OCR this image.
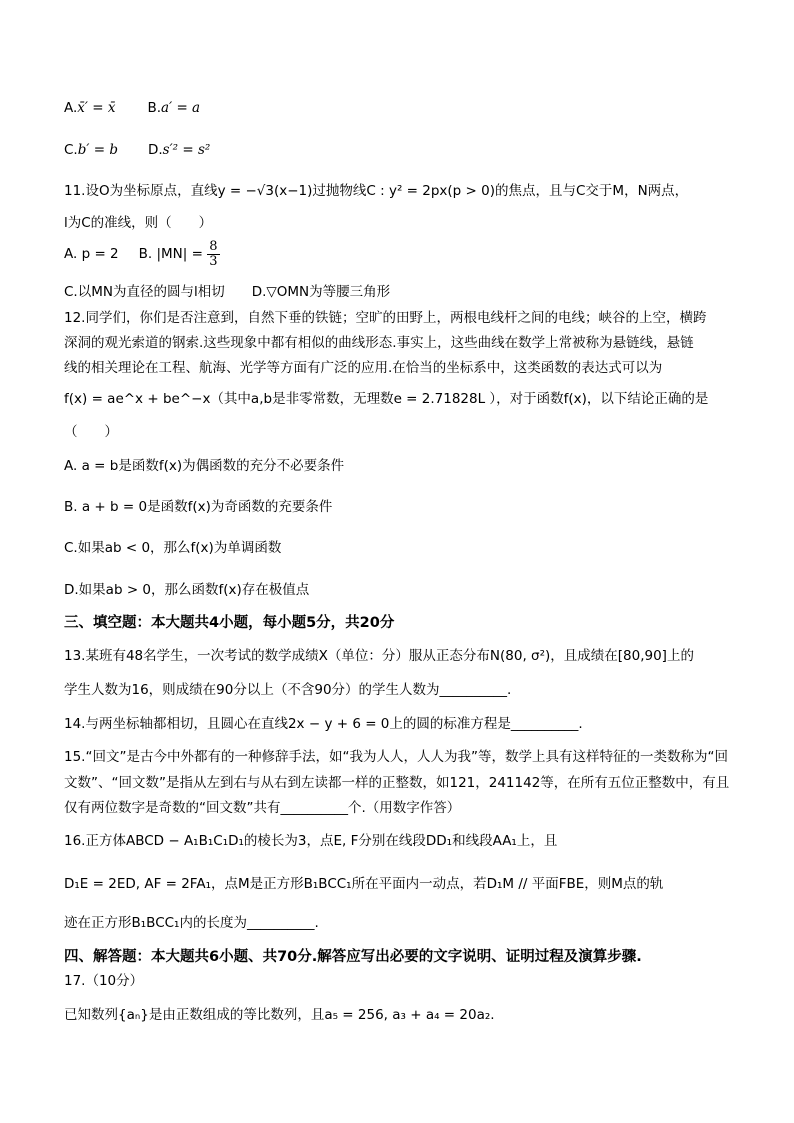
A.x̄′ = x̄ B.a′ = a
C.b′ = b D.s′² = s²
11.设O为坐标原点，直线y = −√3(x−1)过抛物线C : y² = 2px(p > 0)的焦点，且与C交于M，N两点，
l为C的准线，则（　　）
A. p = 2 B. $|MN| = \frac{8}{3}$
C.以MN为直径的圆与l相切　　D.▽OMN为等腰三角形
12.同学们，你们是否注意到，自然下垂的铁链；空旷的田野上，两根电线杆之间的电线；峡谷的上空，横跨
深洞的观光索道的钢索.这些现象中都有相似的曲线形态.事实上，这些曲线在数学上常被称为悬链线，悬链
线的相关理论在工程、航海、光学等方面有广泛的应用.在恰当的坐标系中，这类函数的表达式可以为
f(x) = ae^x + be^−x（其中a,b是非零常数，无理数e = 2.71828L ），对于函数f(x)，以下结论正确的是
（　　）
A. a = b是函数f(x)为偶函数的充分不必要条件
B. a + b = 0是函数f(x)为奇函数的充要条件
C.如果ab < 0，那么f(x)为单调函数
D.如果ab > 0，那么函数f(x)存在极值点
三、填空题：本大题共4小题，每小题5分，共20分
13.某班有48名学生，一次考试的数学成绩X（单位：分）服从正态分布N(80, σ²)，且成绩在[80,90]上的
学生人数为16，则成绩在90分以上（不含90分）的学生人数为__________.
14.与两坐标轴都相切，且圆心在直线2x − y + 6 = 0上的圆的标准方程是__________.
15.“回文”是古今中外都有的一种修辞手法，如“我为人人，人人为我”等，数学上具有这样特征的一类数称为“回
文数”、“回文数”是指从左到右与从右到左读都一样的正整数，如121，241142等，在所有五位正整数中，有且
仅有两位数字是奇数的“回文数”共有__________个.（用数字作答）
16.正方体ABCD − A₁B₁C₁D₁的棱长为3，点E, F分别在线段DD₁和线段AA₁上，且
D₁E = 2ED, AF = 2FA₁，点M是正方形B₁BCC₁所在平面内一动点，若D₁M // 平面FBE，则M点的轨
迹在正方形B₁BCC₁内的长度为__________.
四、解答题：本大题共6小题、共70分.解答应写出必要的文字说明、证明过程及演算步骤.
17.（10分）
已知数列{aₙ}是由正数组成的等比数列，且a₅ = 256, a₃ + a₄ = 20a₂.
